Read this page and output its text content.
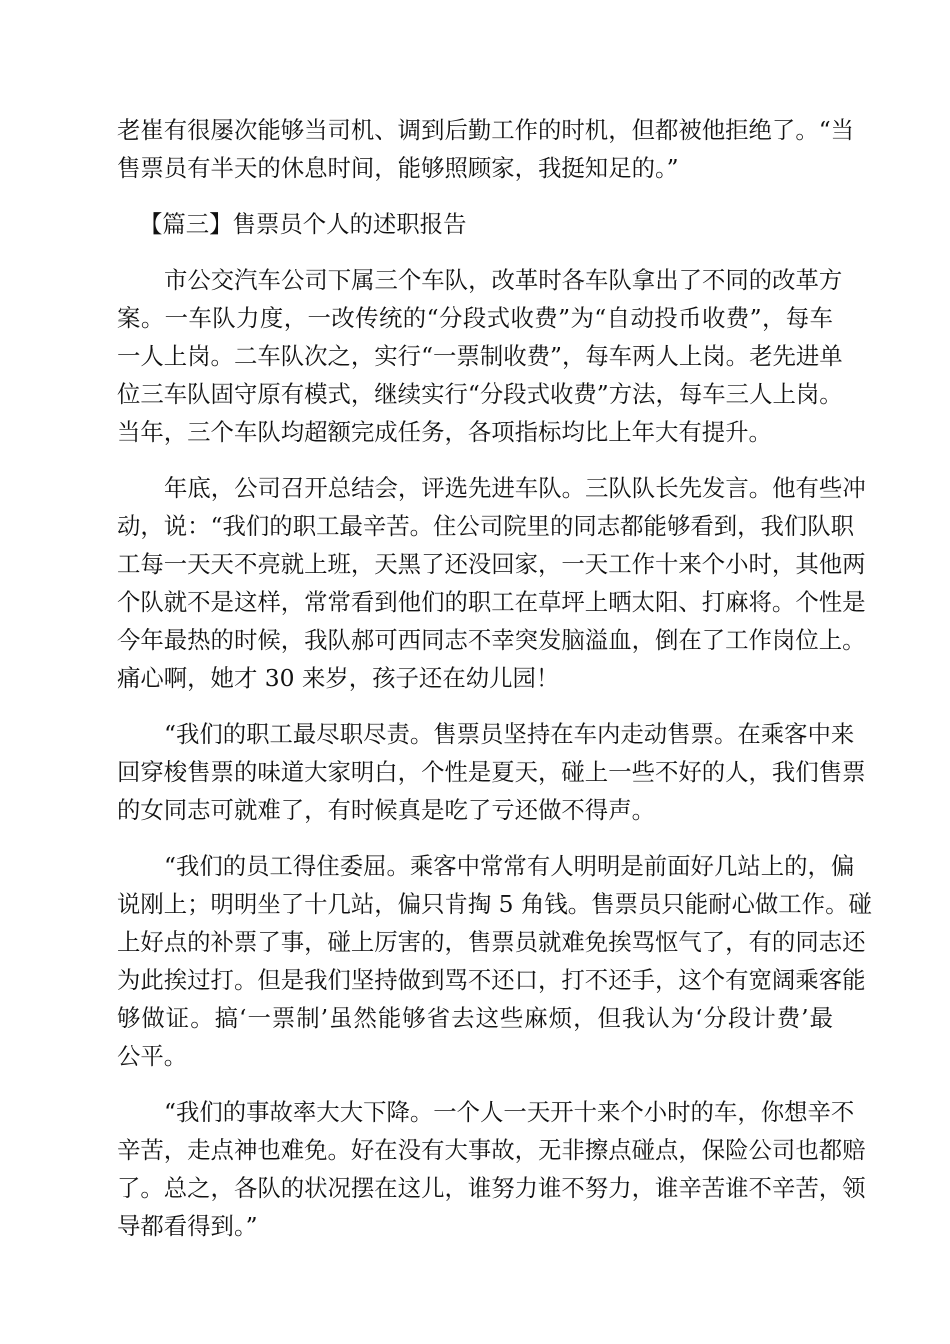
老崔有很屡次能够当司机、调到后勤工作的时机，但都被他拒绝了。“当
售票员有半天的休息时间，能够照顾家，我挺知足的。”

【篇三】售票员个人的述职报告

市公交汽车公司下属三个车队，改革时各车队拿出了不同的改革方
案。一车队力度，一改传统的“分段式收费”为“自动投币收费”，每车
一人上岗。二车队次之，实行“一票制收费”，每车两人上岗。老先进单
位三车队固守原有模式，继续实行“分段式收费”方法，每车三人上岗。
当年，三个车队均超额完成任务，各项指标均比上年大有提升。

年底，公司召开总结会，评选先进车队。三队队长先发言。他有些冲
动，说：“我们的职工最辛苦。住公司院里的同志都能够看到，我们队职
工每一天天不亮就上班，天黑了还没回家，一天工作十来个小时，其他两
个队就不是这样，常常看到他们的职工在草坪上晒太阳、打麻将。个性是
今年最热的时候，我队郝可西同志不幸突发脑溢血，倒在了工作岗位上。
痛心啊，她才 30 来岁，孩子还在幼儿园！

“我们的职工最尽职尽责。售票员坚持在车内走动售票。在乘客中来
回穿梭售票的味道大家明白，个性是夏天，碰上一些不好的人，我们售票
的女同志可就难了，有时候真是吃了亏还做不得声。

“我们的员工得住委屈。乘客中常常有人明明是前面好几站上的，偏
说刚上；明明坐了十几站，偏只肯掏 5 角钱。售票员只能耐心做工作。碰
上好点的补票了事，碰上厉害的，售票员就难免挨骂怄气了，有的同志还
为此挨过打。但是我们坚持做到骂不还口，打不还手，这个有宽阔乘客能
够做证。搞‘一票制’虽然能够省去这些麻烦，但我认为‘分段计费’最
公平。

“我们的事故率大大下降。一个人一天开十来个小时的车，你想辛不
辛苦，走点神也难免。好在没有大事故，无非擦点碰点，保险公司也都赔
了。总之，各队的状况摆在这儿，谁努力谁不努力，谁辛苦谁不辛苦，领
导都看得到。”
